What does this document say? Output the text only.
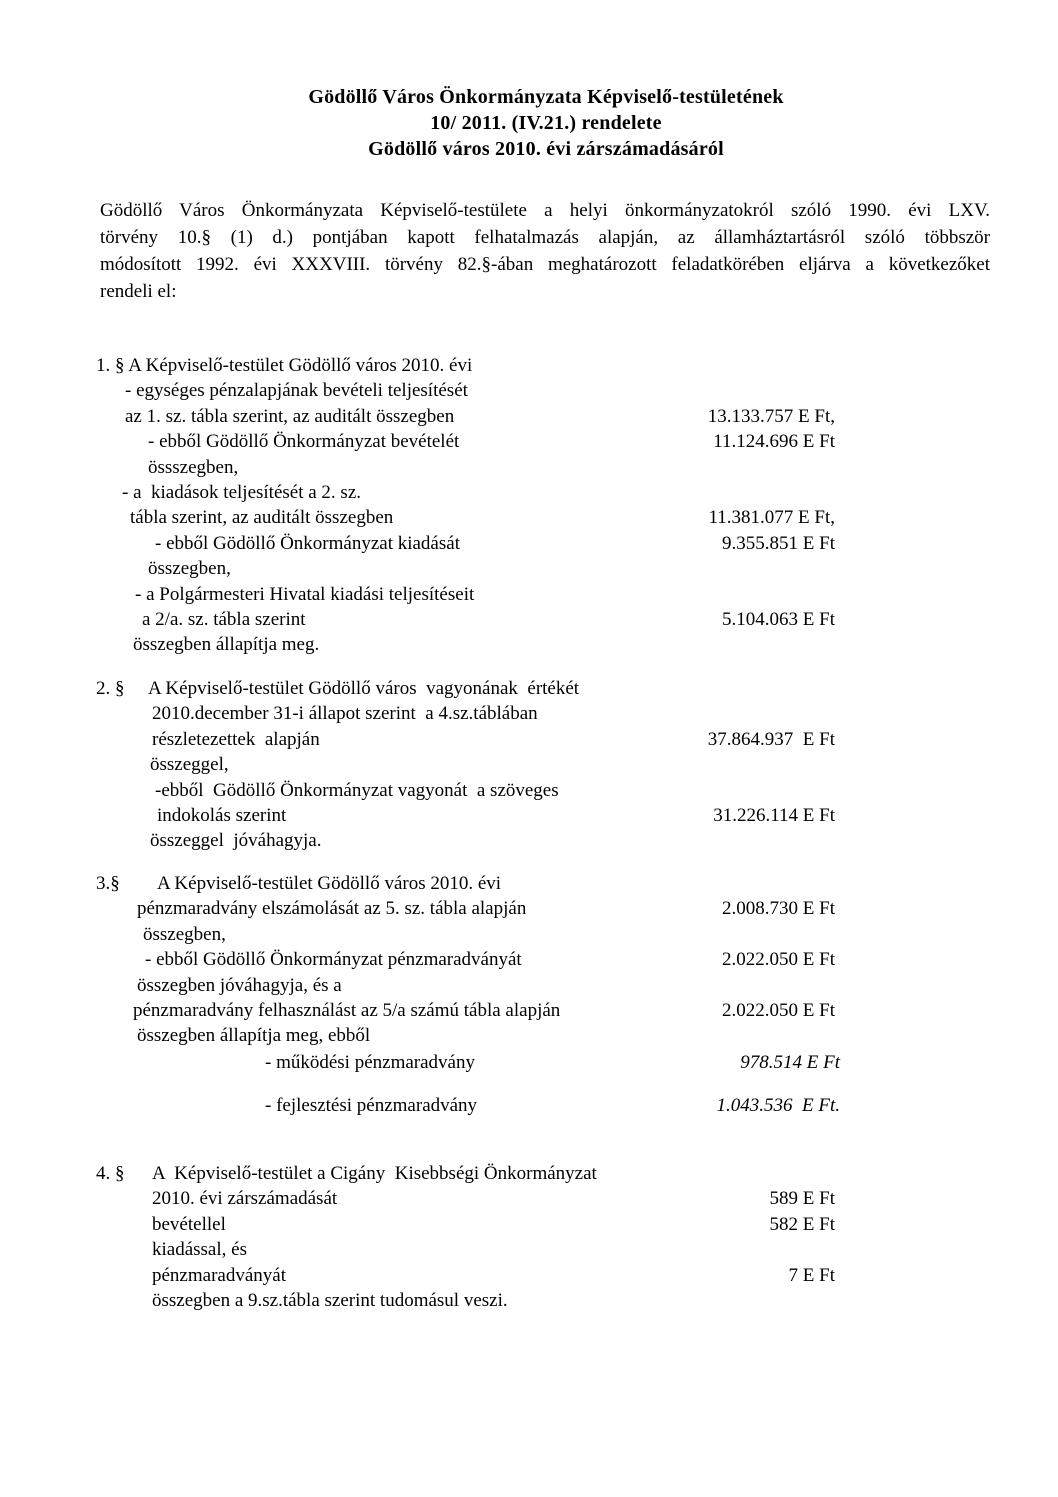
Gödöllő Város Önkormányzata Képviselő-testületének
10/ 2011. (IV.21.) rendelete
Gödöllő város 2010. évi zárszámadásáról
Gödöllő Város Önkormányzata Képviselő-testülete a helyi önkormányzatokról szóló 1990. évi LXV.
törvény 10.§ (1) d.) pontjában kapott felhatalmazás alapján, az államháztartásról szóló többször
módosított 1992. évi XXXVIII. törvény 82.§-ában meghatározott feladatkörében eljárva a következőket
rendeli el:
1. § A Képviselő-testület Gödöllő város 2010. évi
- egységes pénzalapjának bevételi teljesítését
az 1. sz. tábla szerint, az auditált összegben	13.133.757 E Ft,
- ebből Gödöllő Önkormányzat bevételét	11.124.696 E Ft
össszegben,
- a  kiadások teljesítését a 2. sz.
tábla szerint, az auditált összegben	11.381.077 E Ft,
- ebből Gödöllő Önkormányzat kiadását	9.355.851 E Ft
összegben,
- a Polgármesteri Hivatal kiadási teljesítéseit
a 2/a. sz. tábla szerint	5.104.063 E Ft
összegben állapítja meg.
2. § A Képviselő-testület Gödöllő város  vagyonának  értékét
2010.december 31-i állapot szerint  a 4.sz.táblában
részletezettek  alapján	37.864.937  E Ft
összeggel,
-ebből  Gödöllő Önkormányzat vagyonát  a szöveges
indokolás szerint	31.226.114 E Ft
összeggel  jóváhagyja.
3.§ A Képviselő-testület Gödöllő város 2010. évi
pénzmaradvány elszámolását az 5. sz. tábla alapján	2.008.730 E Ft
összegben,
- ebből Gödöllő Önkormányzat pénzmaradványát	2.022.050 E Ft
összegben jóváhagyja, és a
pénzmaradvány felhasználást az 5/a számú tábla alapján	2.022.050 E Ft
összegben állapítja meg, ebből
- működési pénzmaradvány	978.514 E Ft
- fejlesztési pénzmaradvány	1.043.536  E Ft.
4. § A  Képviselő-testület a Cigány  Kisebbségi Önkormányzat
2010. évi zárszámadását	589 E Ft
bevétellel	582 E Ft
kiadással, és
pénzmaradványát	7 E Ft
összegben a 9.sz.tábla szerint tudomásul veszi.
